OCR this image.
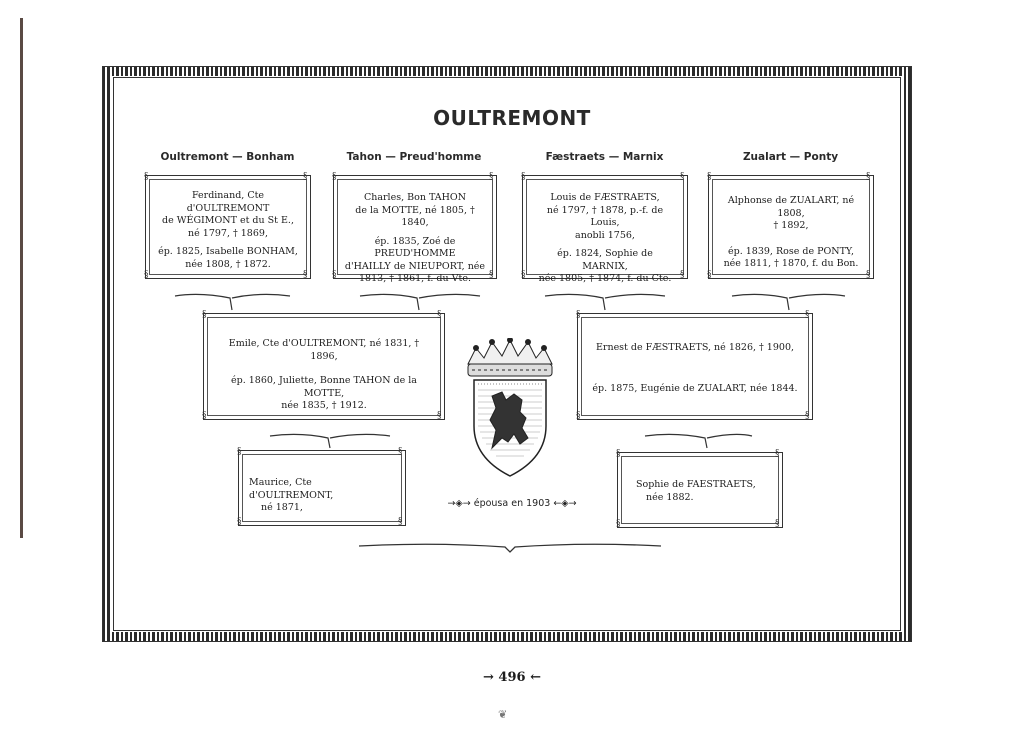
OULTREMONT
Oultremont — Bonham	Tahon — Preud'homme	Fæstraets — Marnix	Zualart — Ponty
§	§
§	§
Ferdinand, Cte d'OULTREMONT
de WÉGIMONT et du St E.,
né 1797, † 1869,
ép. 1825, Isabelle BONHAM,
née 1808, † 1872.
§	§
§	§
Charles, Bon TAHON
de la MOTTE, né 1805, † 1840,
ép. 1835, Zoé de PREUD'HOMME
d'HAILLY de NIEUPORT, née
1813, † 1861, f. du Vte.
§	§
§	§
Louis de FÆSTRAETS,
né 1797, † 1878, p.-f. de Louis,
anobli 1756,
ép. 1824, Sophie de MARNIX,
née 1805, † 1874, f. du Cte.
§	§
§	§
Alphonse de ZUALART, né 1808,
† 1892,
ép. 1839, Rose de PONTY,
née 1811, † 1870, f. du Bon.
§	§
§	§
Emile, Cte d'OULTREMONT, né 1831, † 1896,
ép. 1860, Juliette, Bonne TAHON de la MOTTE,
née 1835, † 1912.
§	§
§	§
Ernest de FÆSTRAETS, né 1826, † 1900,
ép. 1875, Eugénie de ZUALART, née 1844.
§	§
§	§
Maurice, Cte d'OULTREMONT,
né 1871,
§	§
§	§
Sophie de FAESTRAETS,
née 1882.
→◈→ épousa en 1903 ←◈→
→ 496 ←
❦
